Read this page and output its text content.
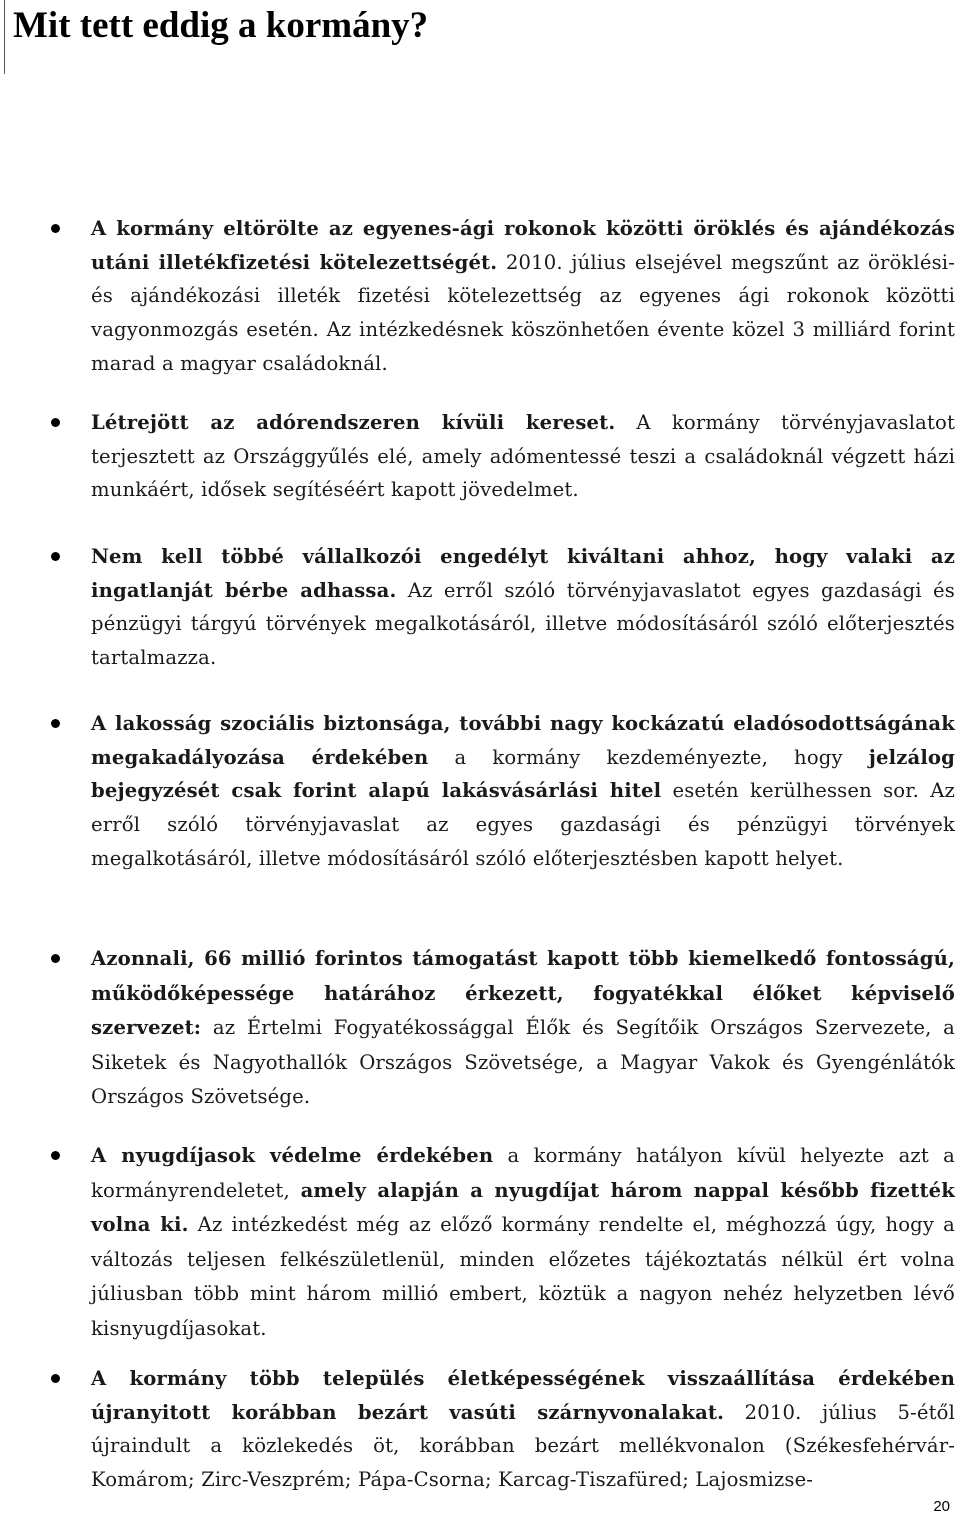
Mit tett eddig a kormány?

A kormány eltörölte az egyenes-ági rokonok közötti öröklés és ajándékozás utáni illetékfizetési kötelezettségét. 2010. július elsejével megszűnt az öröklési- és ajándékozási illeték fizetési kötelezettség az egyenes ági rokonok közötti vagyonmozgás esetén. Az intézkedésnek köszönhetően évente közel 3 milliárd forint marad a magyar családoknál.

Létrejött az adórendszeren kívüli kereset. A kormány törvényjavaslatot terjesztett az Országgyűlés elé, amely adómentessé teszi a családoknál végzett házi munkáért, idősek segítéséért kapott jövedelmet.

Nem kell többé vállalkozói engedélyt kiváltani ahhoz, hogy valaki az ingatlanját bérbe adhassa. Az erről szóló törvényjavaslatot egyes gazdasági és pénzügyi tárgyú törvények megalkotásáról, illetve módosításáról szóló előterjesztés tartalmazza.

A lakosság szociális biztonsága, további nagy kockázatú eladósodottságának megakadályozása érdekében a kormány kezdeményezte, hogy jelzálog bejegyzését csak forint alapú lakásvásárlási hitel esetén kerülhessen sor. Az erről szóló törvényjavaslat az egyes gazdasági és pénzügyi törvények megalkotásáról, illetve módosításáról szóló előterjesztésben kapott helyet.

Azonnali, 66 millió forintos támogatást kapott több kiemelkedő fontosságú, működőképessége határához érkezett, fogyatékkal élőket képviselő szervezet: az Értelmi Fogyatékossággal Élők és Segítőik Országos Szervezete, a Siketek és Nagyothallók Országos Szövetsége, a Magyar Vakok és Gyengénlátók Országos Szövetsége.

A nyugdíjasok védelme érdekében a kormány hatályon kívül helyezte azt a kormányrendeletet, amely alapján a nyugdíjat három nappal később fizették volna ki. Az intézkedést még az előző kormány rendelte el, méghozzá úgy, hogy a változás teljesen felkészületlenül, minden előzetes tájékoztatás nélkül ért volna júliusban több mint három millió embert, köztük a nagyon nehéz helyzetben lévő kisnyugdíjasokat.

A kormány több település életképességének visszaállítása érdekében újranyitott korábban bezárt vasúti szárnyvonalakat. 2010. július 5-étől újraindult a közlekedés öt, korábban bezárt mellékvonalon (Székesfehérvár-Komárom; Zirc-Veszprém; Pápa-Csorna; Karcag-Tiszafüred; Lajosmizse-

20
